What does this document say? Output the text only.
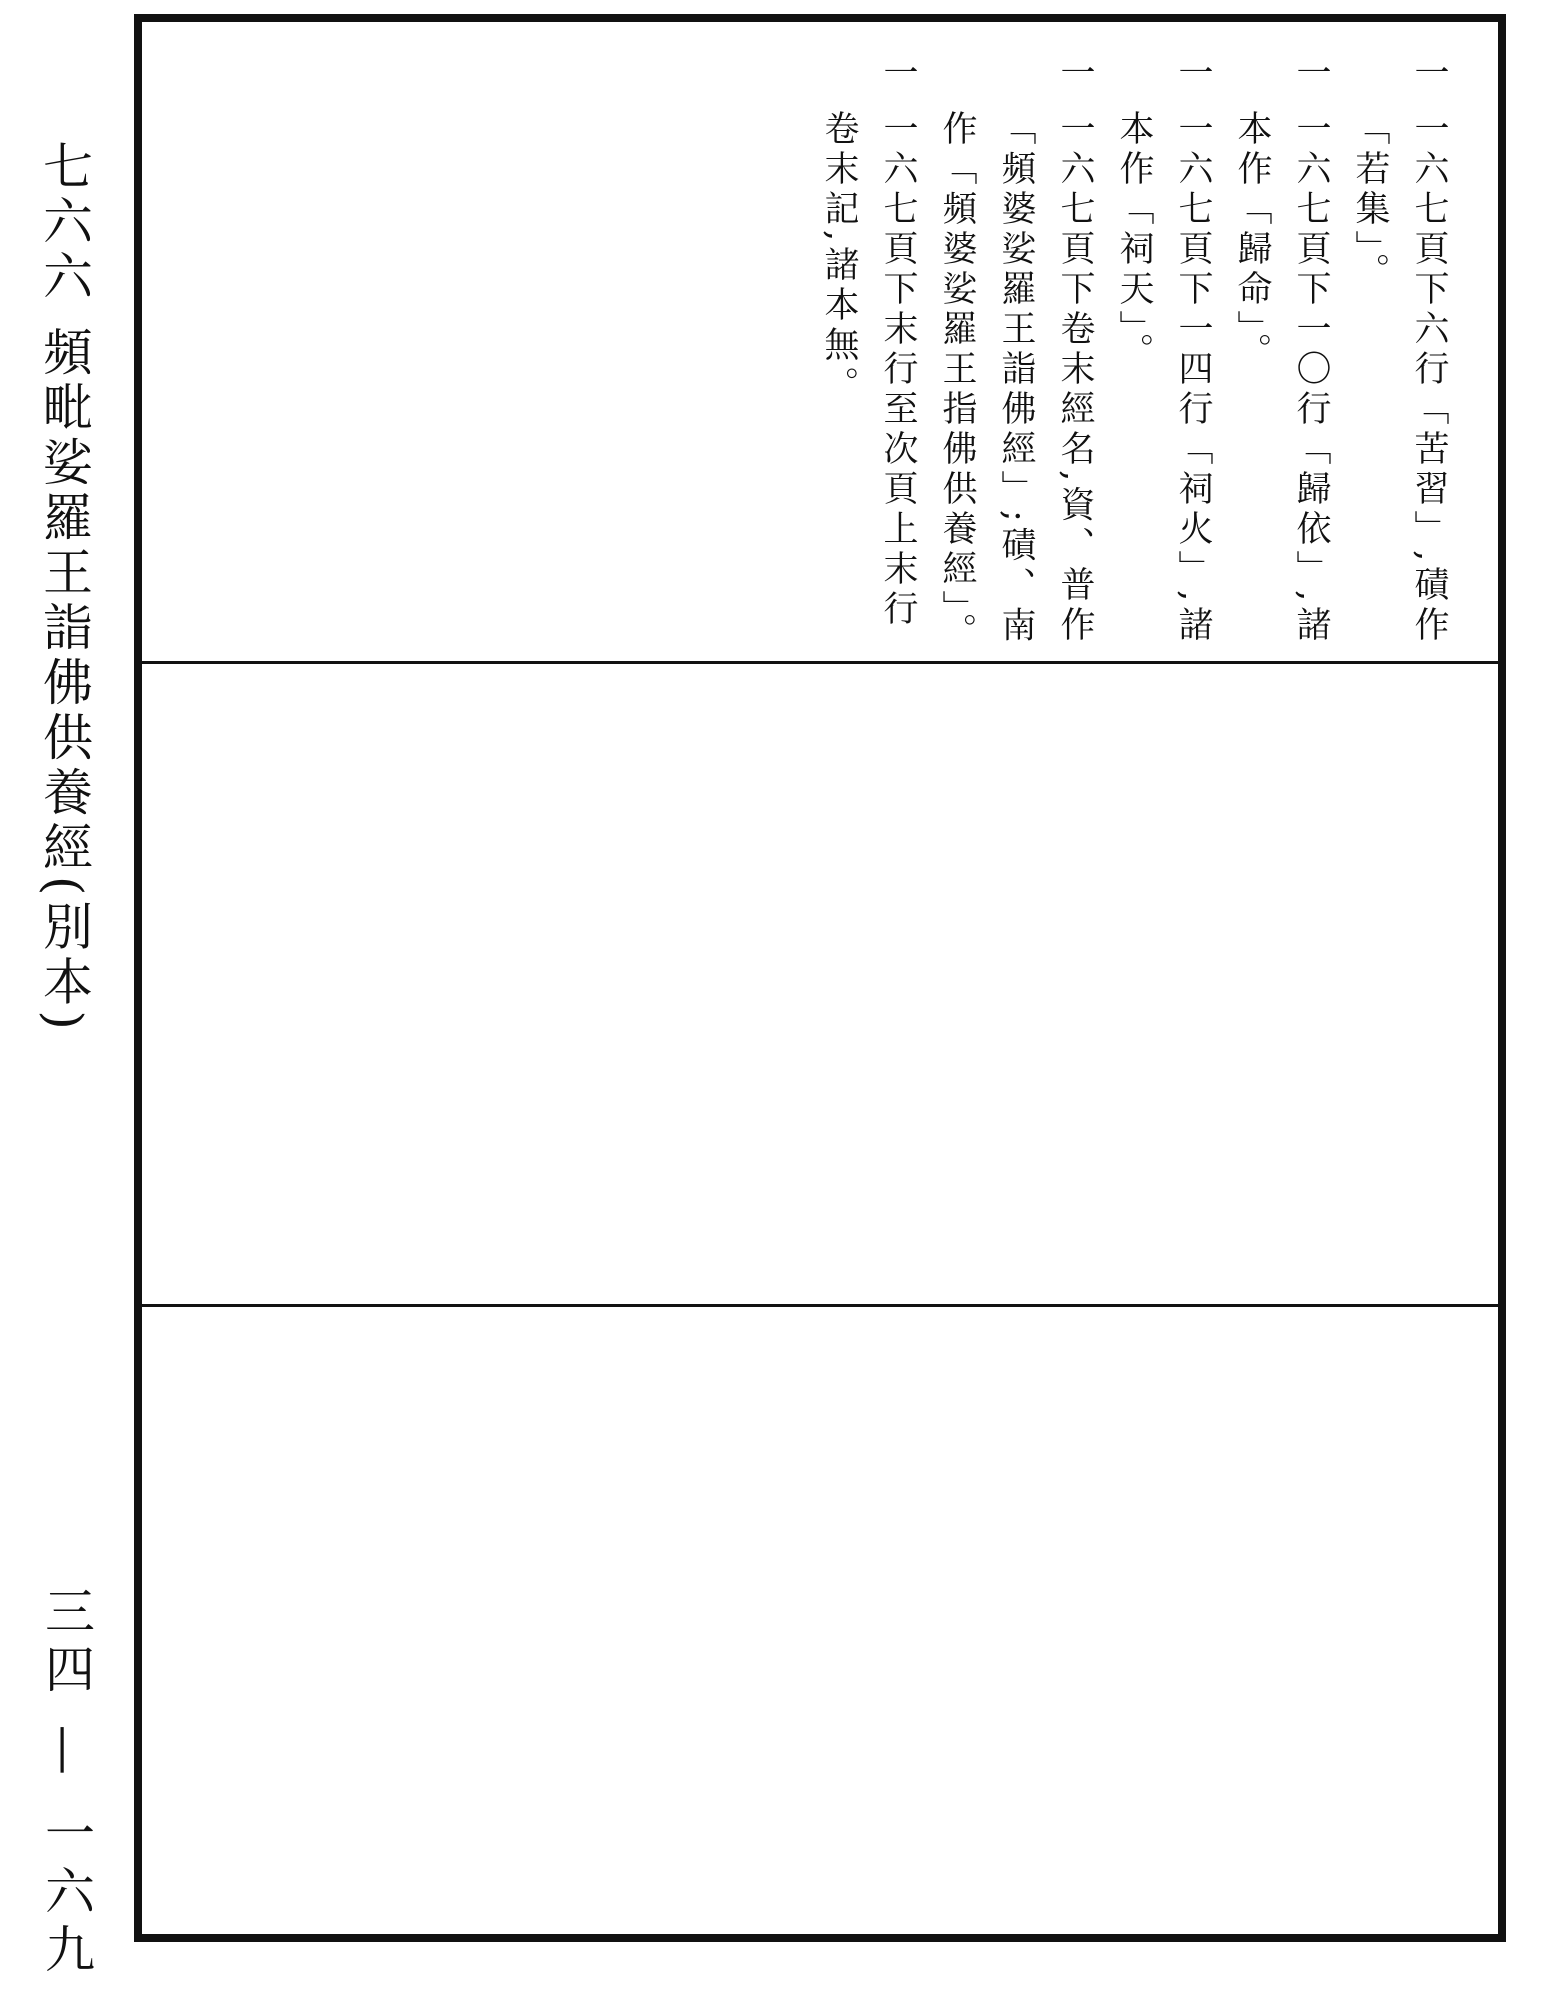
七六六 頻毗娑羅王詣佛供養經(別本)
三四 — 一六九

一 一六七頁下六行「苦習」,磧作「若集」。

一 一六七頁下一〇行「歸依」,諸本作「歸命」。

一 一六七頁下一四行「祠火」,諸本作「祠天」。

一 一六七頁下卷末經名,資、普作「頻婆娑羅王詣佛經」;磧、南作「頻婆娑羅王指佛供養經」。

一 一六七頁下末行至次頁上末行卷末記,諸本無。
